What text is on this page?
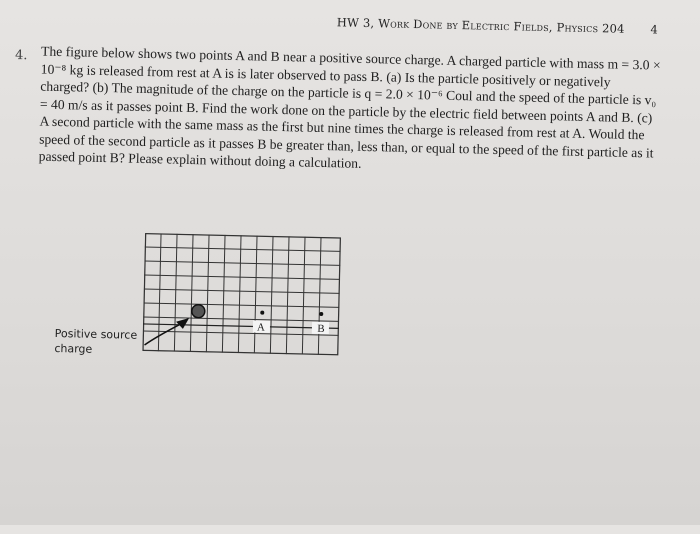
HW 3, Work Done by Electric Fields, Physics 204 4
4. The figure below shows two points A and B near a positive source charge. A charged particle with mass m = 3.0 × 10⁻⁸ kg is released from rest at A is is later observed to pass B. (a) Is the particle positively or negatively charged? (b) The magnitude of the charge on the particle is q = 2.0 × 10⁻⁶ Coul and the speed of the particle is v₀ = 40 m/s as it passes point B. Find the work done on the particle by the electric field between points A and B. (c) A second particle with the same mass as the first but nine times the charge is released from rest at A. Would the speed of the second particle as it passes B be greater than, less than, or equal to the speed of the first particle as it passed point B? Please explain without doing a calculation.

A	B
Positive source charge
